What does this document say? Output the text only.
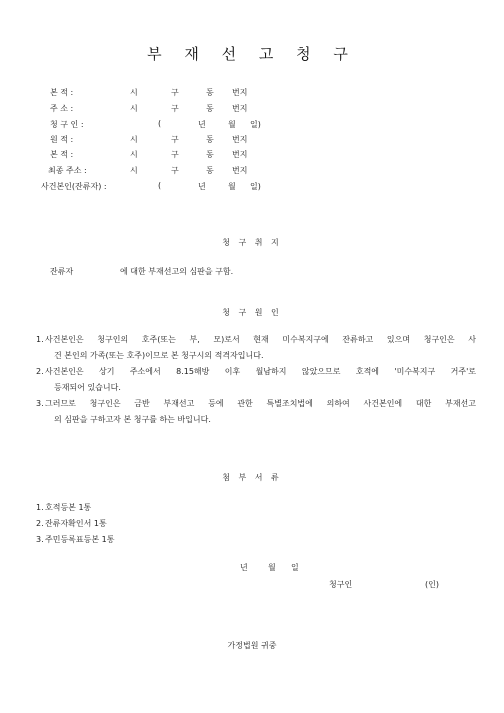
부 재 선 고 청 구
본 적 :	시	구	동 번지
주 소 :	시	구	동 번지
청 구 인 :	(	년	월 일)
원 적 :	시	구	동 번지
본 적 :	시	구	동 번지
최종 주소 :	시	구	동 번지
사건본인(잔류자) :	(	년	월 일)
청 구 취 지
잔류자	에 대한 부재선고의 심판을 구함.
청 구 원 인
1. 사건본인은 청구인의 호주(또는 부, 모)로서 현재 미수복지구에 잔류하고 있으며 청구인은 사
건 본인의 가족(또는 호주)이므로 본 청구시의 적격자입니다.
2. 사건본인은 상기 주소에서 8.15해방 이후 월남하지 않았으므로 호적에 '미수복지구 거주'로
등재되어 있습니다.
3. 그러므로 청구인은 금반 부재선고 등에 관한 특별조치법에 의하여 사건본인에 대한 부재선고
의 심판을 구하고자 본 청구를 하는 바입니다.
첨 부 서 류
1. 호적등본 1통
2. 잔류자확인서 1통
3. 주민등록표등본 1통
년	월 일
청구인	(인)
가정법원 귀중
